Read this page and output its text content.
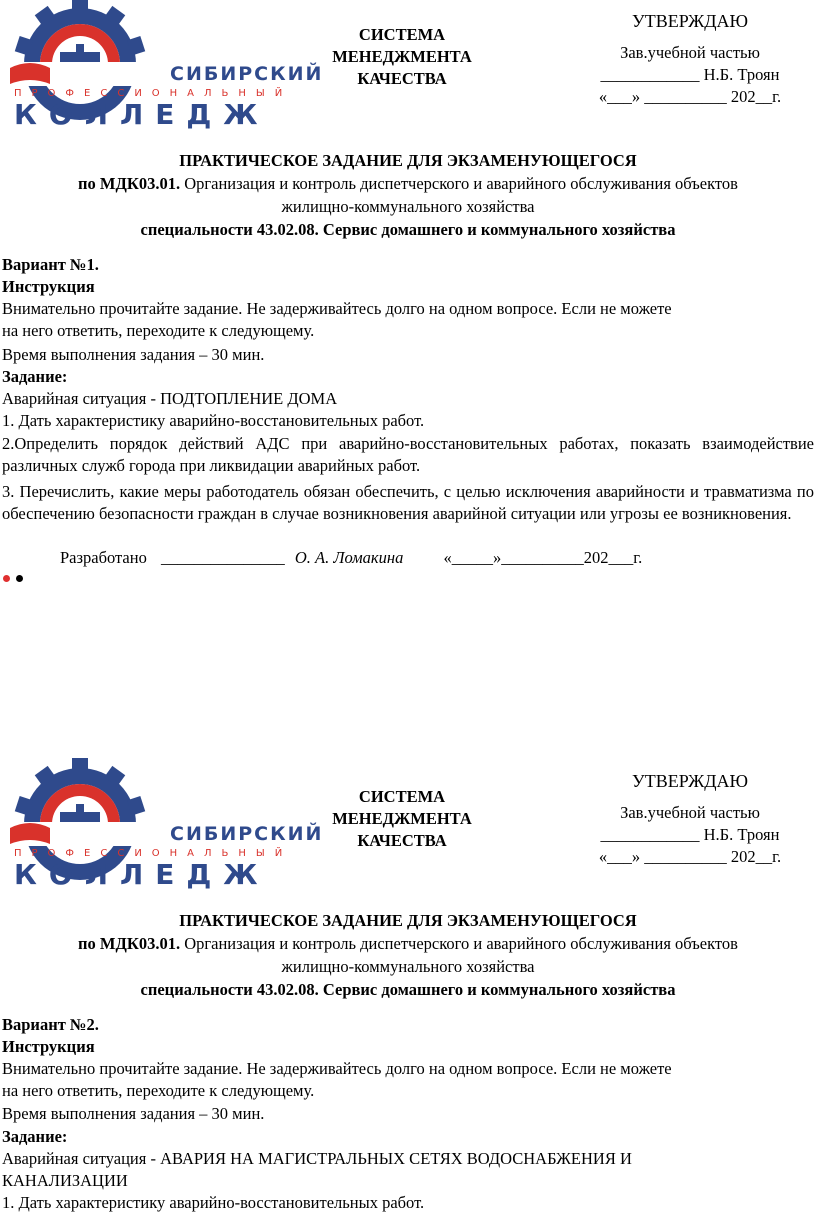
СИБИРСКИЙ
ПРОФЕССИОНАЛЬНЫЙ
КОЛЛЕДЖ
СИСТЕМА
МЕНЕДЖМЕНТА
КАЧЕСТВА
УТВЕРЖДАЮ
Зав.учебной частью
____________ Н.Б. Троян
«___» __________ 202__г.
ПРАКТИЧЕСКОЕ ЗАДАНИЕ ДЛЯ ЭКЗАМЕНУЮЩЕГОСЯ
по МДК03.01. Организация и контроль диспетчерского и аварийного обслуживания объектов
жилищно-коммунального хозяйства
специальности 43.02.08. Сервис домашнего и коммунального хозяйства
Вариант №1.
Инструкция
Внимательно прочитайте задание. Не задерживайтесь долго на одном вопросе. Если не можете
на него ответить, переходите к следующему.
Время выполнения задания – 30 мин.
Задание:
Аварийная ситуация - ПОДТОПЛЕНИЕ ДОМА
1. Дать характеристику аварийно-восстановительных работ.
2.Определить порядок действий АДС при аварийно-восстановительных работах, показать взаимодействие различных служб города при ликвидации аварийных работ.
3. Перечислить, какие меры работодатель обязан обеспечить, с целью исключения аварийности и травматизма по обеспечению безопасности граждан в случае возникновения аварийной ситуации или угрозы ее возникновения.
Разработано _______________ О. А. Ломакина «_____»__________202___г.
СИБИРСКИЙ
ПРОФЕССИОНАЛЬНЫЙ
КОЛЛЕДЖ
СИСТЕМА
МЕНЕДЖМЕНТА
КАЧЕСТВА
УТВЕРЖДАЮ
Зав.учебной частью
____________ Н.Б. Троян
«___» __________ 202__г.
ПРАКТИЧЕСКОЕ ЗАДАНИЕ ДЛЯ ЭКЗАМЕНУЮЩЕГОСЯ
по МДК03.01. Организация и контроль диспетчерского и аварийного обслуживания объектов
жилищно-коммунального хозяйства
специальности 43.02.08. Сервис домашнего и коммунального хозяйства
Вариант №2.
Инструкция
Внимательно прочитайте задание. Не задерживайтесь долго на одном вопросе. Если не можете
на него ответить, переходите к следующему.
Время выполнения задания – 30 мин.
Задание:
Аварийная ситуация - АВАРИЯ НА МАГИСТРАЛЬНЫХ СЕТЯХ ВОДОСНАБЖЕНИЯ И
КАНАЛИЗАЦИИ
1. Дать характеристику аварийно-восстановительных работ.
